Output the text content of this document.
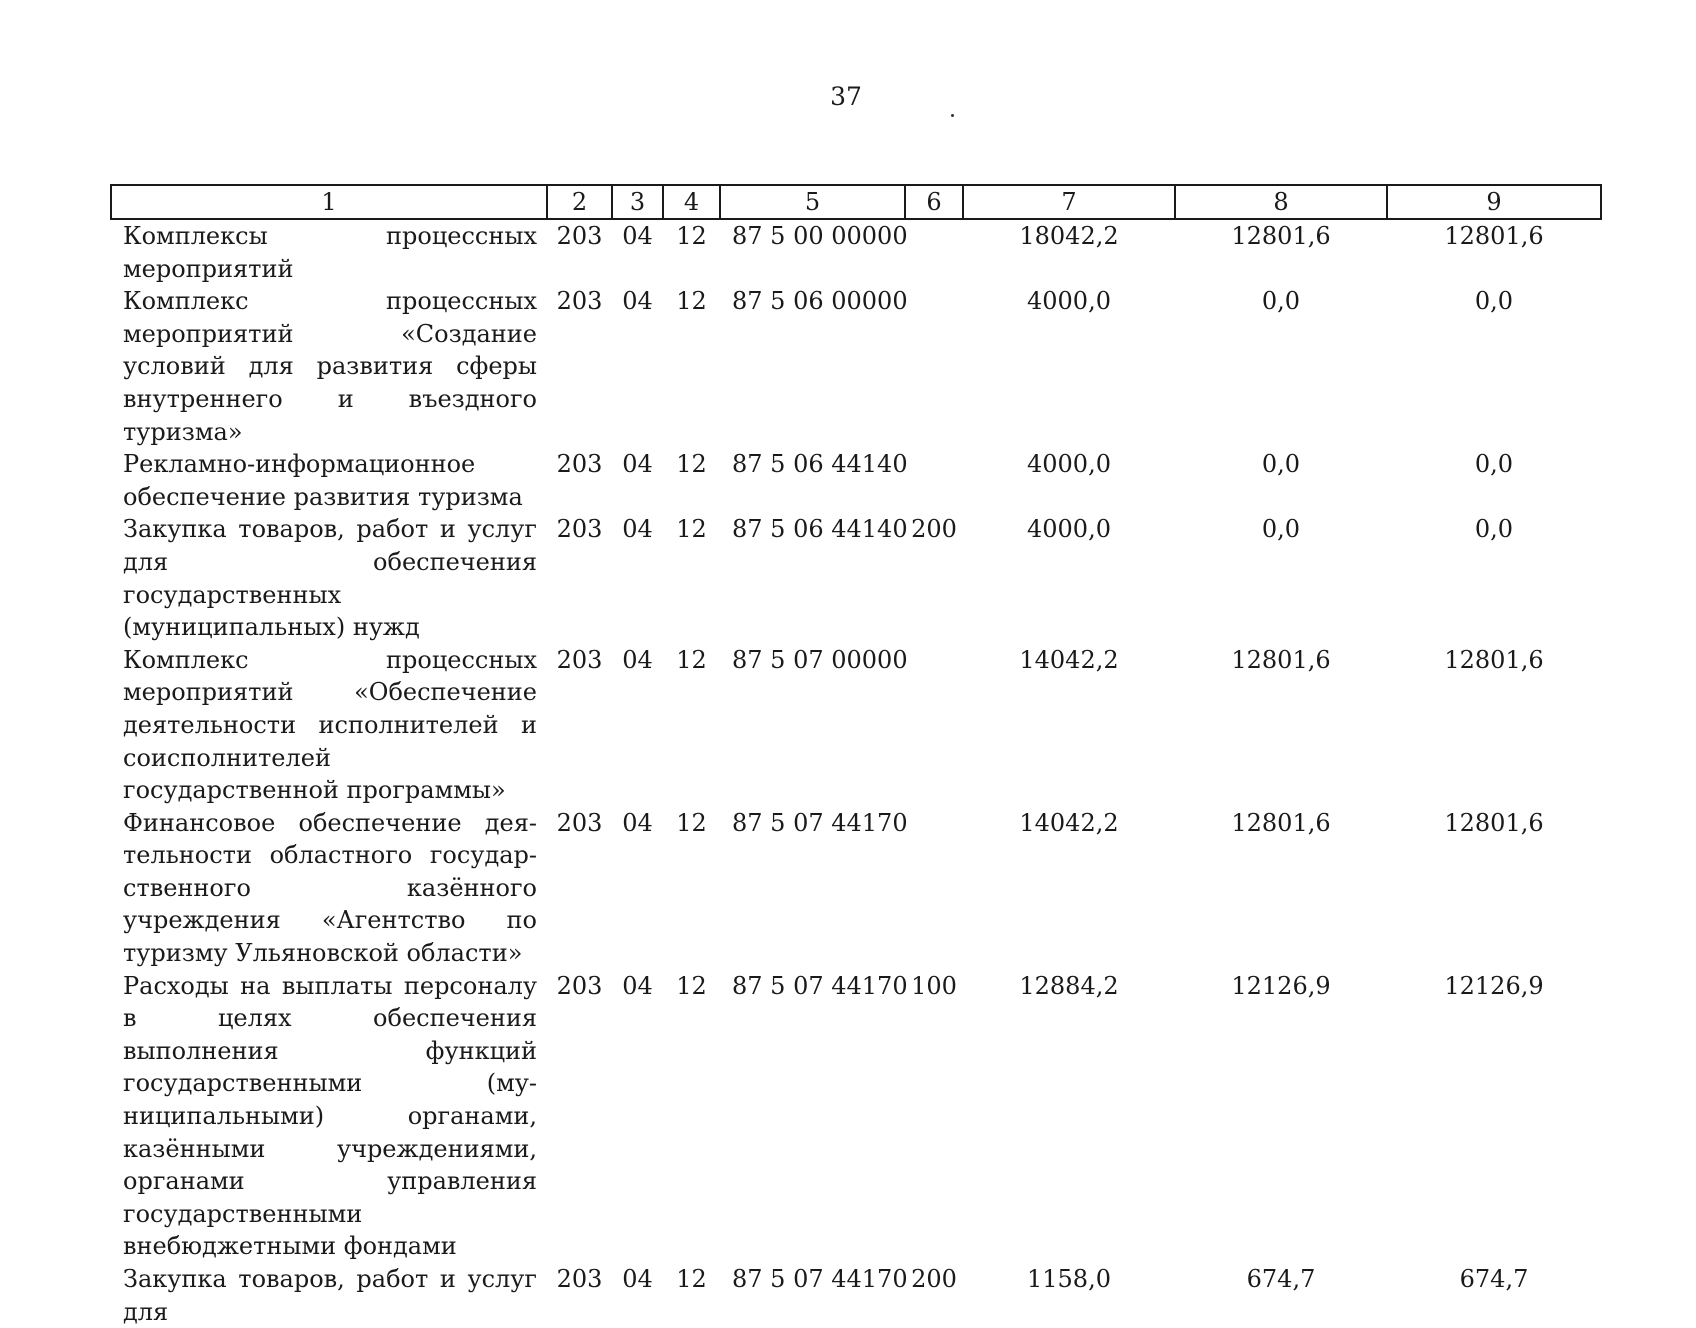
37
1	2	3	4	5	6	7	8	9
Комплексы процессных мероприятий	203	04	12	87 5 00 00000		18042,2	12801,6	12801,6
Комплекс процессных мероприятий «Создание условий для развития сферы внутреннего и въездного туризма»	203	04	12	87 5 06 00000		4000,0	0,0	0,0
Рекламно-информационное обеспечение развития туризма	203	04	12	87 5 06 44140		4000,0	0,0	0,0
Закупка товаров, работ и услуг для обеспечения государственных (муниципальных) нужд	203	04	12	87 5 06 44140	200	4000,0	0,0	0,0
Комплекс процессных мероприятий «Обеспечение деятельности исполнителей и соисполнителей государственной программы»	203	04	12	87 5 07 00000		14042,2	12801,6	12801,6
Финансовое обеспечение деятельности областного государственного казённого учреждения «Агентство по туризму Ульяновской области»	203	04	12	87 5 07 44170		14042,2	12801,6	12801,6
Расходы на выплаты персоналу в целях обеспечения выполнения функций государственными (муниципальными) органами, казёнными учреждениями, органами управления государственными внебюджетными фондами	203	04	12	87 5 07 44170	100	12884,2	12126,9	12126,9
Закупка товаров, работ и услуг для	203	04	12	87 5 07 44170	200	1158,0	674,7	674,7
